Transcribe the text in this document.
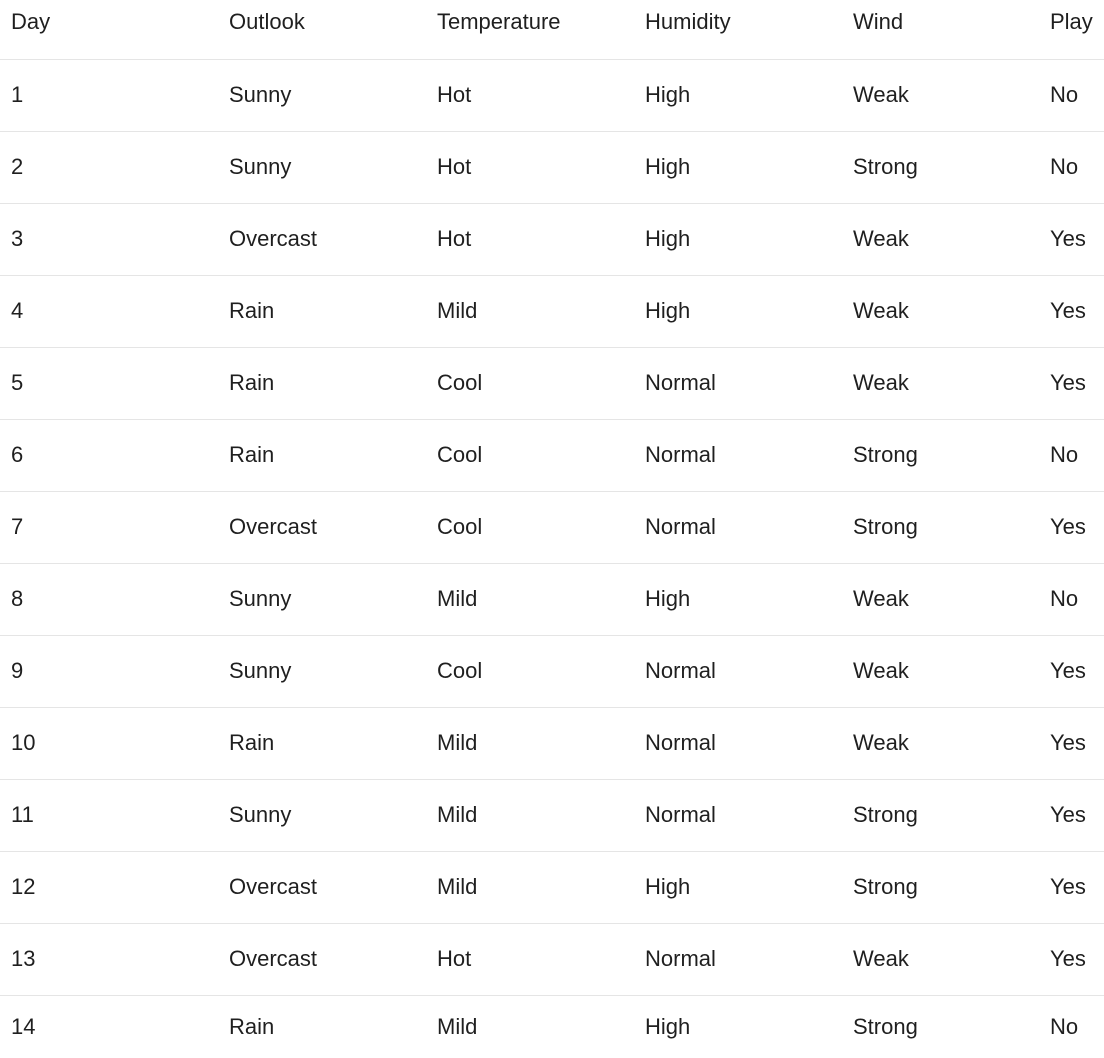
Day	Outlook	Temperature	Humidity	Wind	Play
1	Sunny	Hot	High	Weak	No
2	Sunny	Hot	High	Strong	No
3	Overcast	Hot	High	Weak	Yes
4	Rain	Mild	High	Weak	Yes
5	Rain	Cool	Normal	Weak	Yes
6	Rain	Cool	Normal	Strong	No
7	Overcast	Cool	Normal	Strong	Yes
8	Sunny	Mild	High	Weak	No
9	Sunny	Cool	Normal	Weak	Yes
10	Rain	Mild	Normal	Weak	Yes
11	Sunny	Mild	Normal	Strong	Yes
12	Overcast	Mild	High	Strong	Yes
13	Overcast	Hot	Normal	Weak	Yes
14	Rain	Mild	High	Strong	No
